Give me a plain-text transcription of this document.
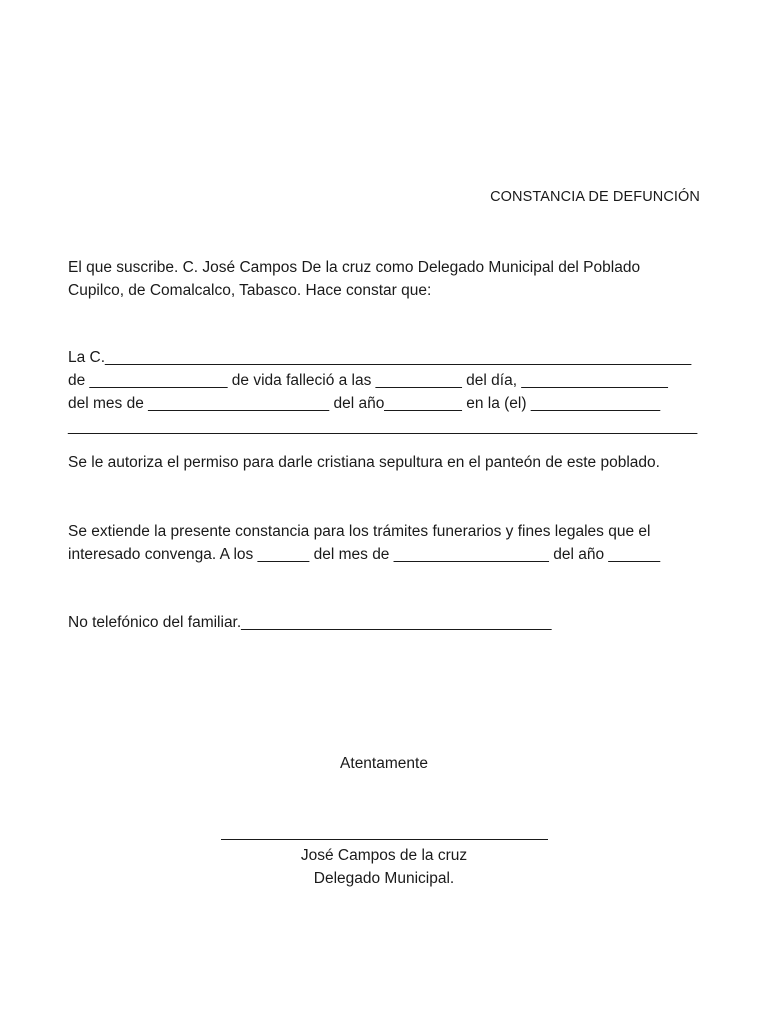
CONSTANCIA DE DEFUNCIÓN
El que suscribe. C. José Campos De la cruz como Delegado Municipal del Poblado
Cupilco, de Comalcalco, Tabasco. Hace constar que:
La C.____________________________________________________________________
de ________________ de vida falleció a las __________ del día, _________________
del mes de _____________________ del año_________ en la (el) _______________
_________________________________________________________________________
Se le autoriza el permiso para darle cristiana sepultura en el panteón de este poblado.
Se extiende la presente constancia para los trámites funerarios y fines legales que el
interesado convenga. A los ______ del mes de __________________ del año ______
No telefónico del familiar.____________________________________
Atentamente
José Campos de la cruz
Delegado Municipal.
